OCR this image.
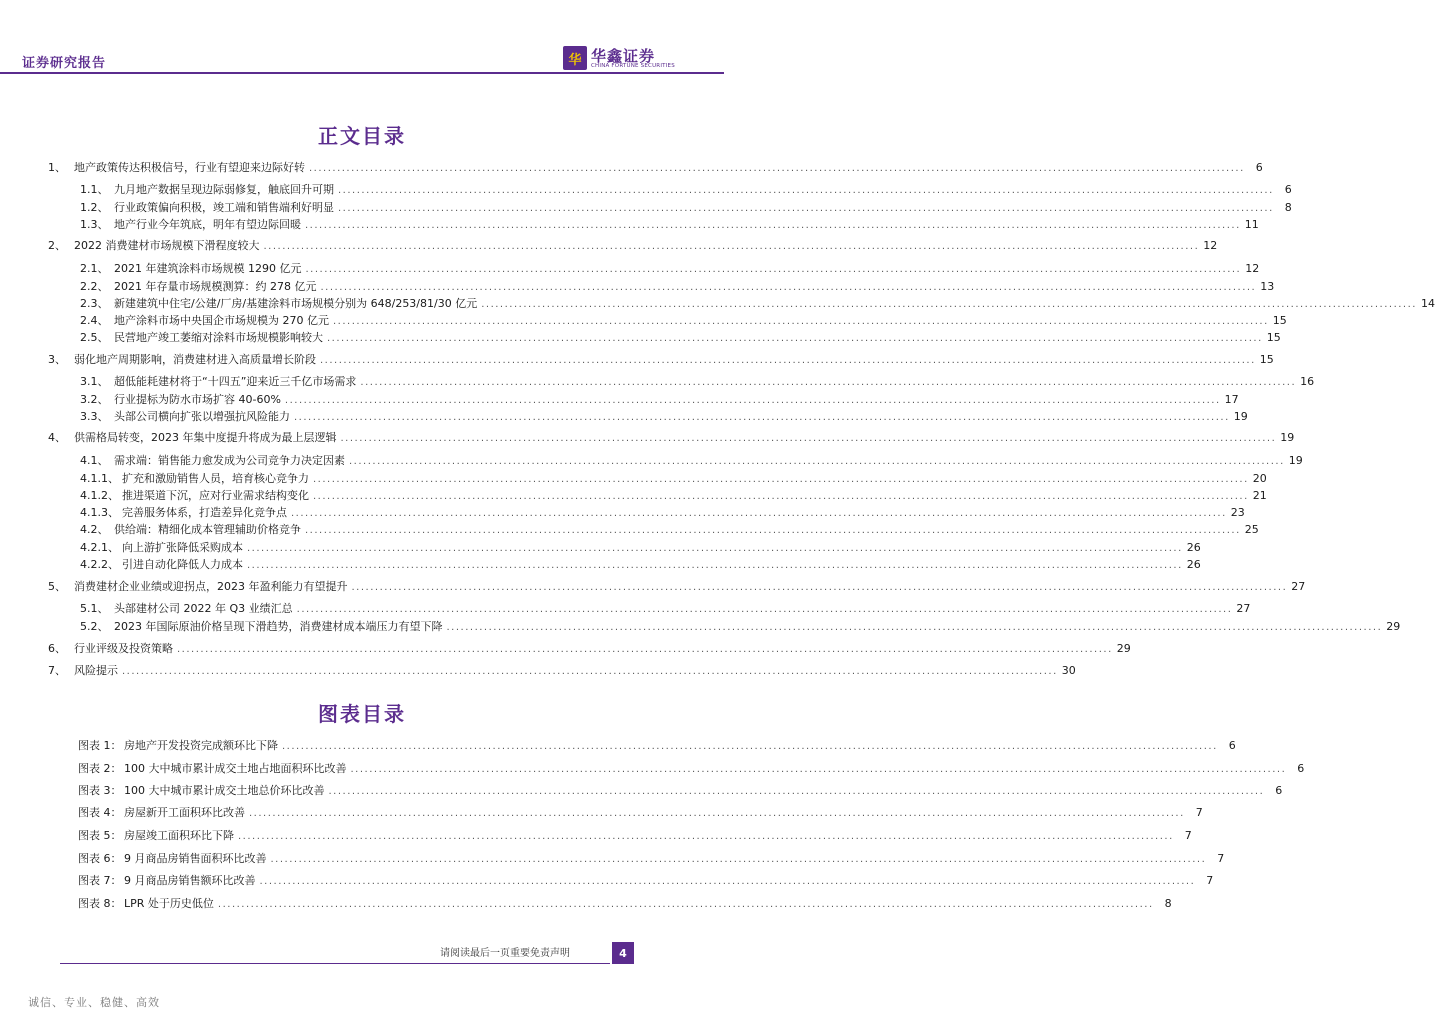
证券研究报告	华 华鑫证券
CHINA FORTUNE SECURITIES
正文目录
1、 地产政策传达积极信号，行业有望迎来边际好转 ........................................................................................................................................................................................................	6
1.1、 九月地产数据呈现边际弱修复，触底回升可期 ........................................................................................................................................................................................................	6
1.2、 行业政策偏向积极，竣工端和销售端利好明显 ........................................................................................................................................................................................................	8
1.3、 地产行业今年筑底，明年有望边际回暖 ........................................................................................................................................................................................................ 11
2、 2022 消费建材市场规模下滑程度较大 ........................................................................................................................................................................................................ 12
2.1、 2021 年建筑涂料市场规模 1290 亿元 ........................................................................................................................................................................................................ 12
2.2、 2021 年存量市场规模测算：约 278 亿元 ........................................................................................................................................................................................................ 13
2.3、 新建建筑中住宅/公建/厂房/基建涂料市场规模分别为 648/253/81/30 亿元 ........................................................................................................................................................................................................ 14
2.4、 地产涂料市场中央国企市场规模为 270 亿元 ........................................................................................................................................................................................................ 15
2.5、 民营地产竣工萎缩对涂料市场规模影响较大 ........................................................................................................................................................................................................ 15
3、 弱化地产周期影响，消费建材进入高质量增长阶段 ........................................................................................................................................................................................................ 15
3.1、 超低能耗建材将于“十四五”迎来近三千亿市场需求 ........................................................................................................................................................................................................ 16
3.2、 行业提标为防水市场扩容 40-60% ........................................................................................................................................................................................................ 17
3.3、 头部公司横向扩张以增强抗风险能力 ........................................................................................................................................................................................................ 19
4、 供需格局转变，2023 年集中度提升将成为最上层逻辑 ........................................................................................................................................................................................................ 19
4.1、 需求端：销售能力愈发成为公司竞争力决定因素 ........................................................................................................................................................................................................ 19
4.1.1、 扩充和激励销售人员，培育核心竞争力 ........................................................................................................................................................................................................ 20
4.1.2、 推进渠道下沉，应对行业需求结构变化 ........................................................................................................................................................................................................ 21
4.1.3、 完善服务体系，打造差异化竞争点 ........................................................................................................................................................................................................ 23
4.2、 供给端：精细化成本管理辅助价格竞争 ........................................................................................................................................................................................................ 25
4.2.1、 向上游扩张降低采购成本 ........................................................................................................................................................................................................ 26
4.2.2、 引进自动化降低人力成本 ........................................................................................................................................................................................................ 26
5、 消费建材企业业绩或迎拐点，2023 年盈利能力有望提升 ........................................................................................................................................................................................................ 27
5.1、 头部建材公司 2022 年 Q3 业绩汇总 ........................................................................................................................................................................................................ 27
5.2、 2023 年国际原油价格呈现下滑趋势，消费建材成本端压力有望下降 ........................................................................................................................................................................................................ 29
6、 行业评级及投资策略 ........................................................................................................................................................................................................ 29
7、 风险提示 ........................................................................................................................................................................................................ 30
图表目录
图表 1： 房地产开发投资完成额环比下降 ........................................................................................................................................................................................................	6
图表 2： 100 大中城市累计成交土地占地面积环比改善 ........................................................................................................................................................................................................	6
图表 3： 100 大中城市累计成交土地总价环比改善 ........................................................................................................................................................................................................	6
图表 4： 房屋新开工面积环比改善 ........................................................................................................................................................................................................	7
图表 5： 房屋竣工面积环比下降 ........................................................................................................................................................................................................	7
图表 6： 9 月商品房销售面积环比改善 ........................................................................................................................................................................................................	7
图表 7： 9 月商品房销售额环比改善 ........................................................................................................................................................................................................	7
图表 8： LPR 处于历史低位 ........................................................................................................................................................................................................	8
请阅读最后一页重要免责声明	4
诚信、专业、稳健、高效
